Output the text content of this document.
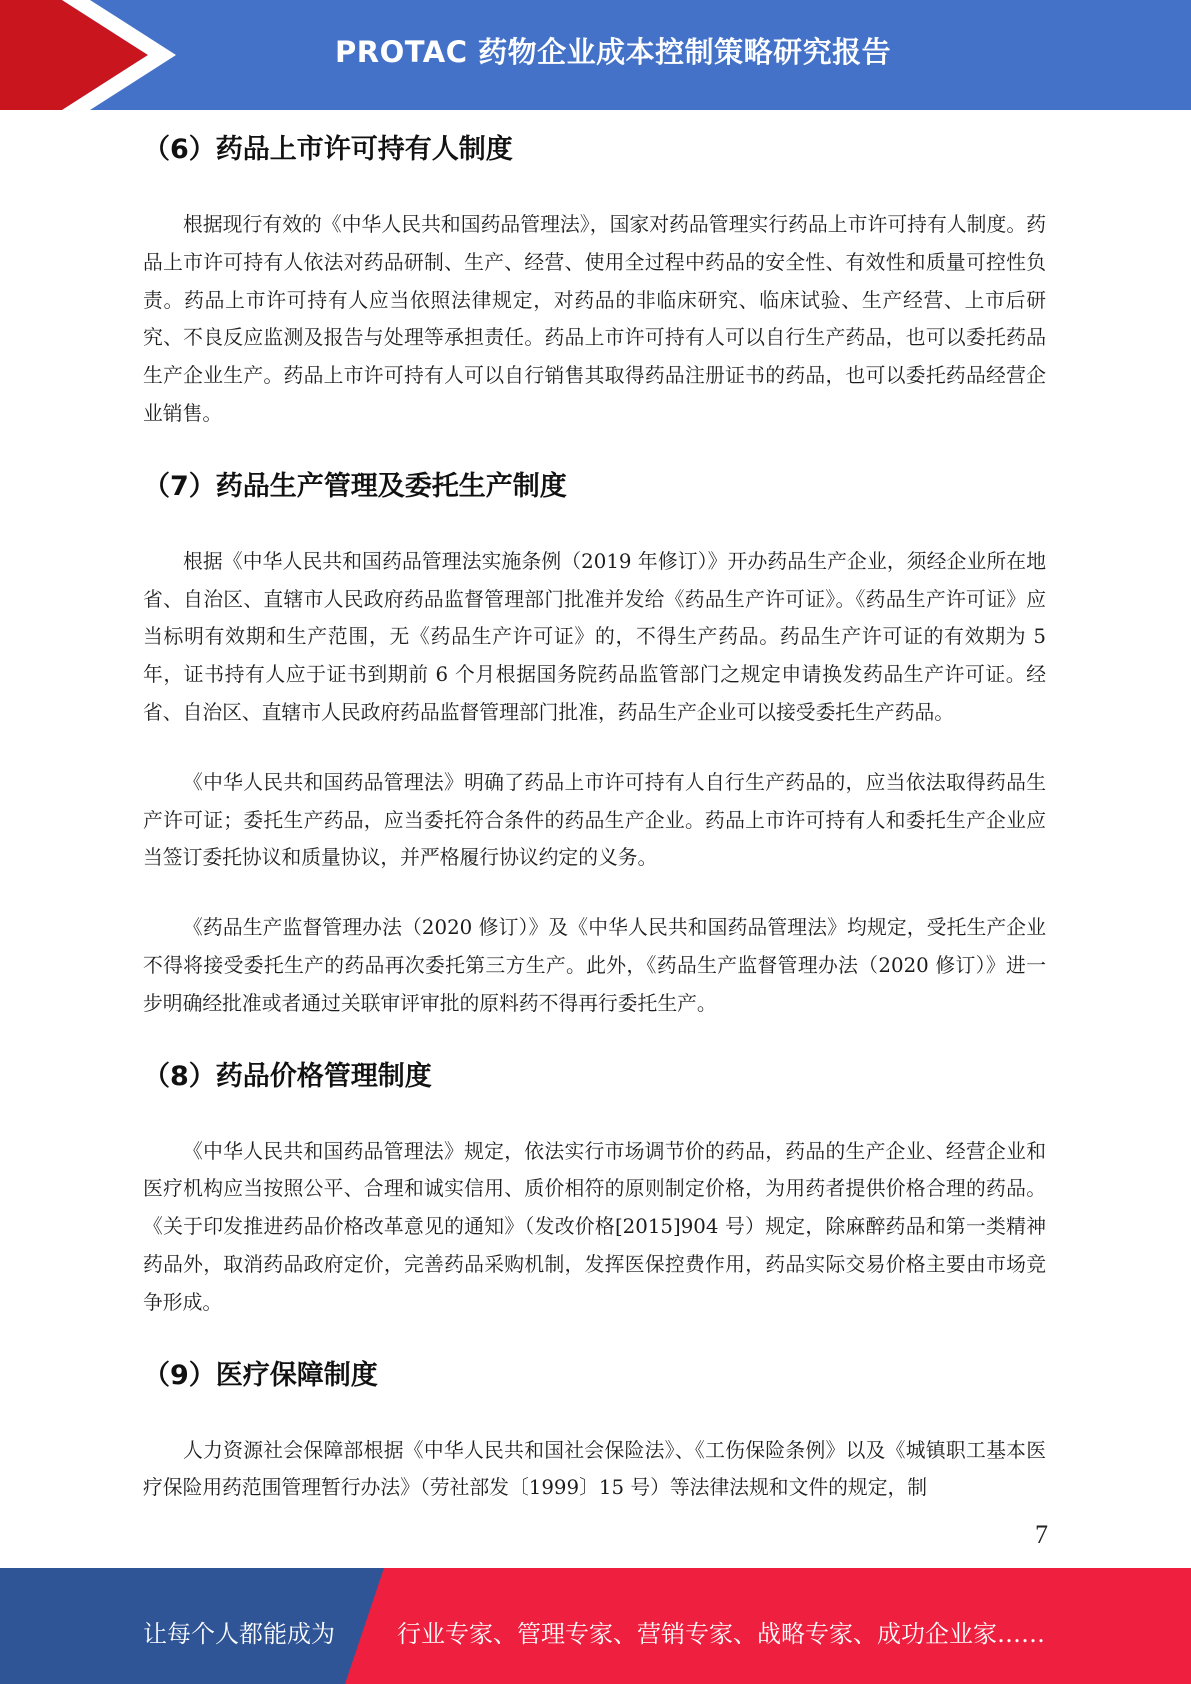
PROTAC 药物企业成本控制策略研究报告
（6）药品上市许可持有人制度

根据现行有效的《中华人民共和国药品管理法》，国家对药品管理实行药品上市许可持有人制度。药品上市许可持有人依法对药品研制、生产、经营、使用全过程中药品的安全性、有效性和质量可控性负责。药品上市许可持有人应当依照法律规定，对药品的非临床研究、临床试验、生产经营、上市后研究、不良反应监测及报告与处理等承担责任。药品上市许可持有人可以自行生产药品，也可以委托药品生产企业生产。药品上市许可持有人可以自行销售其取得药品注册证书的药品，也可以委托药品经营企业销售。

（7）药品生产管理及委托生产制度

根据《中华人民共和国药品管理法实施条例（2019 年修订）》开办药品生产企业，须经企业所在地省、自治区、直辖市人民政府药品监督管理部门批准并发给《药品生产许可证》。《药品生产许可证》应当标明有效期和生产范围，无《药品生产许可证》的，不得生产药品。药品生产许可证的有效期为 5 年，证书持有人应于证书到期前 6 个月根据国务院药品监管部门之规定申请换发药品生产许可证。经省、自治区、直辖市人民政府药品监督管理部门批准，药品生产企业可以接受委托生产药品。

《中华人民共和国药品管理法》明确了药品上市许可持有人自行生产药品的，应当依法取得药品生产许可证；委托生产药品，应当委托符合条件的药品生产企业。药品上市许可持有人和委托生产企业应当签订委托协议和质量协议，并严格履行协议约定的义务。

《药品生产监督管理办法（2020 修订）》及《中华人民共和国药品管理法》均规定，受托生产企业不得将接受委托生产的药品再次委托第三方生产。此外，《药品生产监督管理办法（2020 修订）》进一步明确经批准或者通过关联审评审批的原料药不得再行委托生产。

（8）药品价格管理制度

《中华人民共和国药品管理法》规定，依法实行市场调节价的药品，药品的生产企业、经营企业和医疗机构应当按照公平、合理和诚实信用、质价相符的原则制定价格，为用药者提供价格合理的药品。《关于印发推进药品价格改革意见的通知》（发改价格[2015]904 号）规定，除麻醉药品和第一类精神药品外，取消药品政府定价，完善药品采购机制，发挥医保控费作用，药品实际交易价格主要由市场竞争形成。

（9）医疗保障制度

人力资源社会保障部根据《中华人民共和国社会保险法》、《工伤保险条例》以及《城镇职工基本医疗保险用药范围管理暂行办法》（劳社部发〔1999〕15 号）等法律法规和文件的规定，制

7
让每个人都能成为	行业专家、管理专家、营销专家、战略专家、成功企业家……
